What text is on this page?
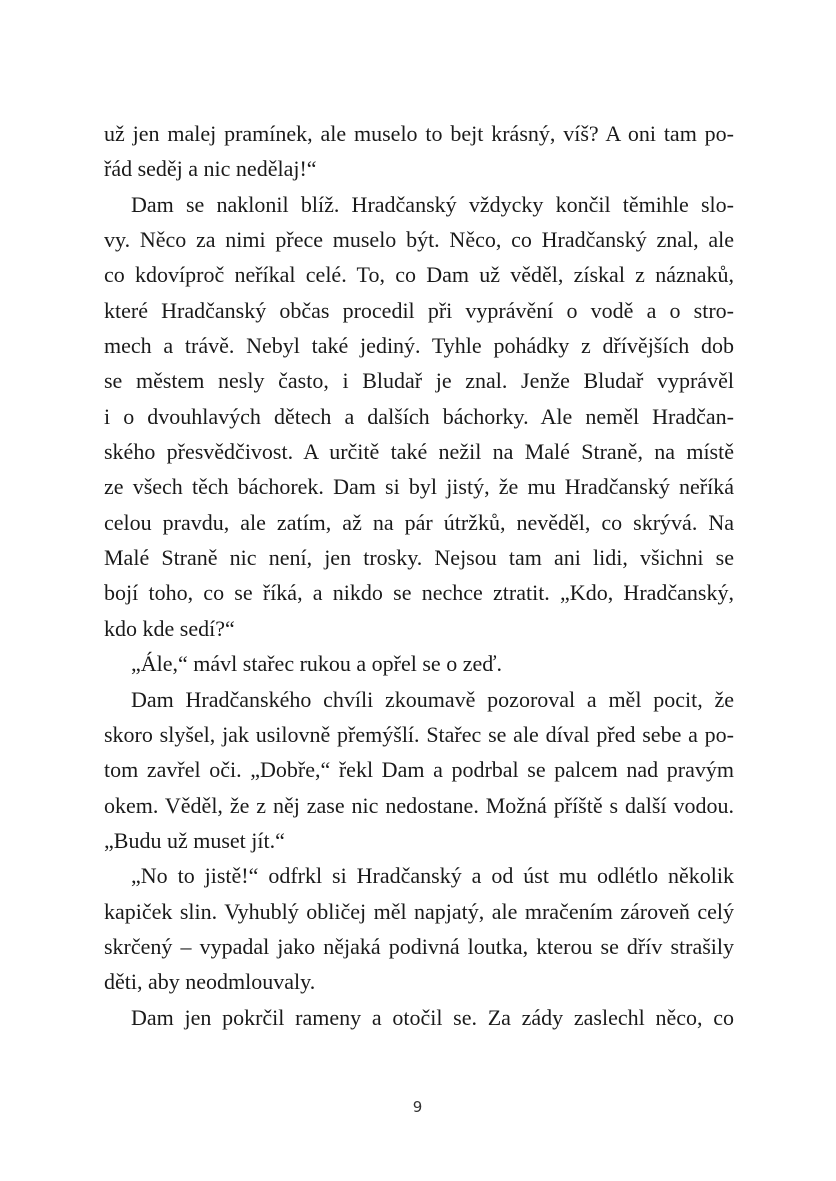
už jen malej pramínek, ale muselo to bejt krásný, víš? A oni tam po-
řád seděj a nic nedělaj!“
Dam se naklonil blíž. Hradčanský vždycky končil těmihle slo-
vy. Něco za nimi přece muselo být. Něco, co Hradčanský znal, ale
co kdovíproč neříkal celé. To, co Dam už věděl, získal z náznaků,
které Hradčanský občas procedil při vyprávění o vodě a o stro-
mech a trávě. Nebyl také jediný. Tyhle pohádky z dřívějších dob
se městem nesly často, i Bludař je znal. Jenže Bludař vyprávěl
i o dvouhlavých dětech a dalších báchorky. Ale neměl Hradčan-
ského přesvědčivost. A určitě také nežil na Malé Straně, na místě
ze všech těch báchorek. Dam si byl jistý, že mu Hradčanský neříká
celou pravdu, ale zatím, až na pár útržků, nevěděl, co skrývá. Na
Malé Straně nic není, jen trosky. Nejsou tam ani lidi, všichni se
bojí toho, co se říká, a nikdo se nechce ztratit. „Kdo, Hradčanský,
kdo kde sedí?“
„Ále,“ mávl stařec rukou a opřel se o zeď.
Dam Hradčanského chvíli zkoumavě pozoroval a měl pocit, že
skoro slyšel, jak usilovně přemýšlí. Stařec se ale díval před sebe a po-
tom zavřel oči. „Dobře,“ řekl Dam a podrbal se palcem nad pravým
okem. Věděl, že z něj zase nic nedostane. Možná příště s další vodou.
„Budu už muset jít.“
„No to jistě!“ odfrkl si Hradčanský a od úst mu odlétlo několik
kapiček slin. Vyhublý obličej měl napjatý, ale mračením zároveň celý
skrčený – vypadal jako nějaká podivná loutka, kterou se dřív strašily
děti, aby neodmlouvaly.
Dam jen pokrčil rameny a otočil se. Za zády zaslechl něco, co
9
